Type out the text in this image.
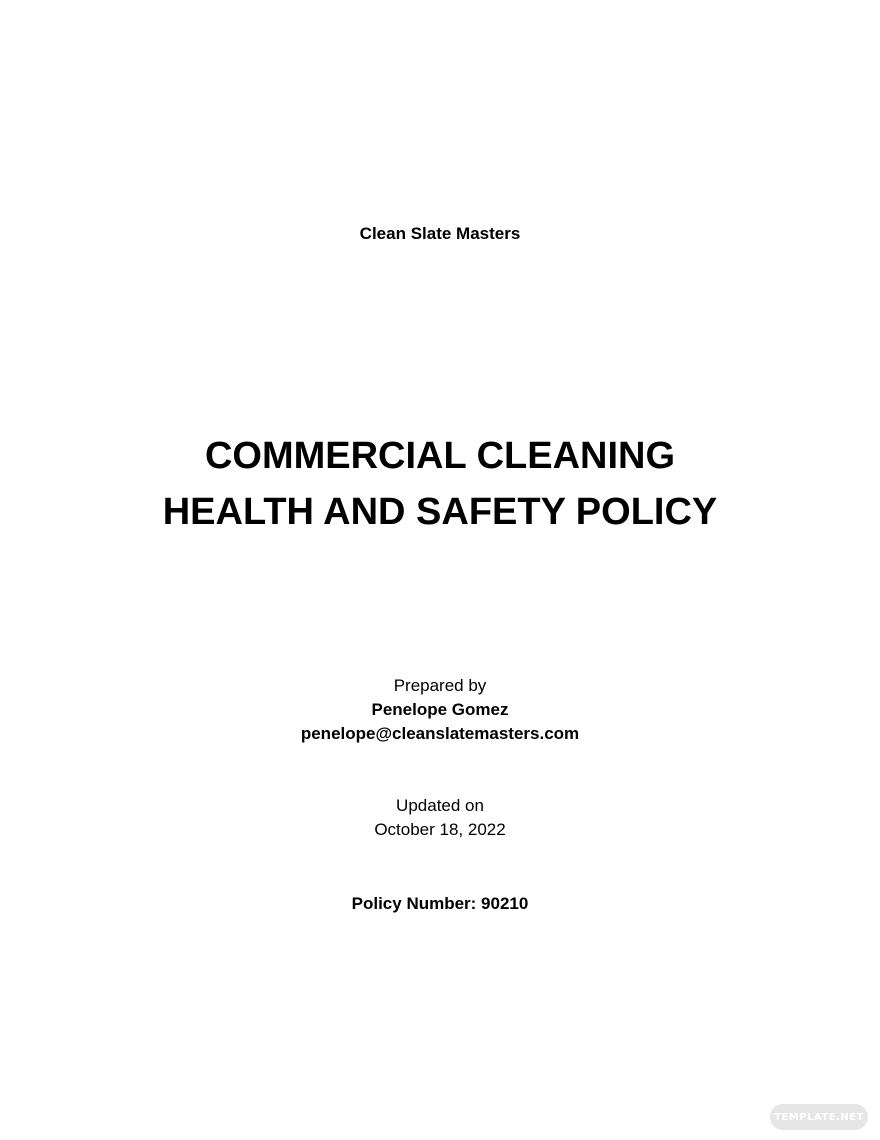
Clean Slate Masters
COMMERCIAL CLEANING
HEALTH AND SAFETY POLICY
Prepared by
Penelope Gomez
penelope@cleanslatemasters.com
Updated on
October 18, 2022
Policy Number: 90210
TEMPLATE.NET
